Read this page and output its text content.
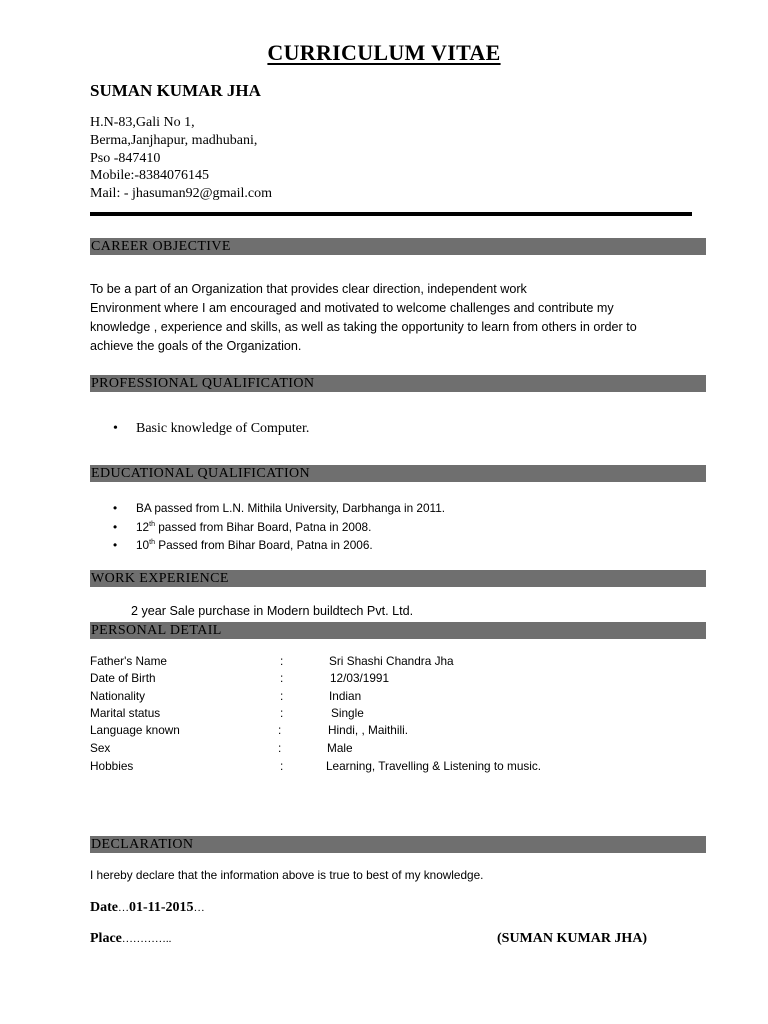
CURRICULUM VITAE
SUMAN KUMAR JHA
H.N-83,Gali No 1,
Berma,Janjhapur, madhubani,
Pso -847410
Mobile:-8384076145
Mail: - jhasuman92@gmail.com
CAREER OBJECTIVE
To be a part of an Organization that provides clear direction, independent work
Environment where I am encouraged and motivated to welcome challenges and contribute my
knowledge , experience and skills, as well as taking the opportunity to learn from others in order to
achieve the goals of the Organization.
PROFESSIONAL QUALIFICATION
• Basic knowledge of Computer.
EDUCATIONAL QUALIFICATION
• BA passed from L.N. Mithila University, Darbhanga in 2011.
• 12th passed from Bihar Board, Patna in 2008.
• 10th Passed from Bihar Board, Patna in 2006.
WORK EXPERIENCE
2 year Sale purchase in Modern buildtech Pvt. Ltd.
PERSONAL DETAIL
Father's Name	:	Sri Shashi Chandra Jha
Date of Birth	:	12/03/1991
Nationality	:	Indian
Marital status	:	Single
Language known	:	Hindi, , Maithili.
Sex	:	Male
Hobbies	:	Learning, Travelling & Listening to music.
DECLARATION
I hereby declare that the information above is true to best of my knowledge.
Date…01-11-2015…
Place…………..	(SUMAN KUMAR JHA)
